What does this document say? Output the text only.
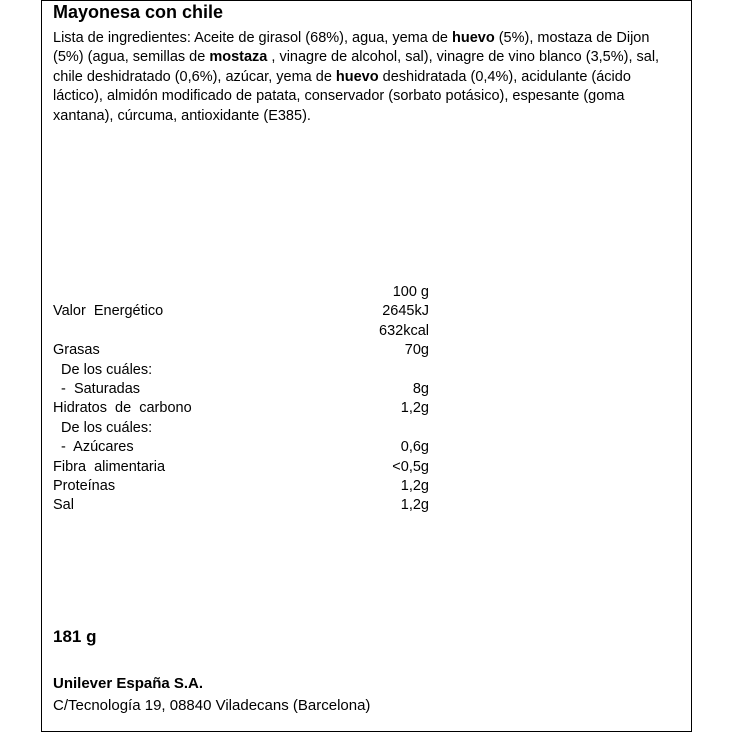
Mayonesa con chile
Lista de ingredientes: Aceite de girasol (68%), agua, yema de huevo (5%), mostaza de Dijon (5%) (agua, semillas de mostaza , vinagre de alcohol, sal), vinagre de vino blanco (3,5%), sal, chile deshidratado (0,6%), azúcar, yema de huevo deshidratada (0,4%), acidulante (ácido láctico), almidón modificado de patata, conservador (sorbato potásico), espesante (goma xantana), cúrcuma, antioxidante (E385).
100 g
Valor  Energético	2645kJ
632kcal
Grasas	70g
De los cuáles:
-  Saturadas	8g
Hidratos  de  carbono	1,2g
De los cuáles:
-  Azúcares	0,6g
Fibra  alimentaria	<0,5g
Proteínas	1,2g
Sal	1,2g
181 g
Unilever España S.A.
C/Tecnología 19, 08840 Viladecans (Barcelona)
